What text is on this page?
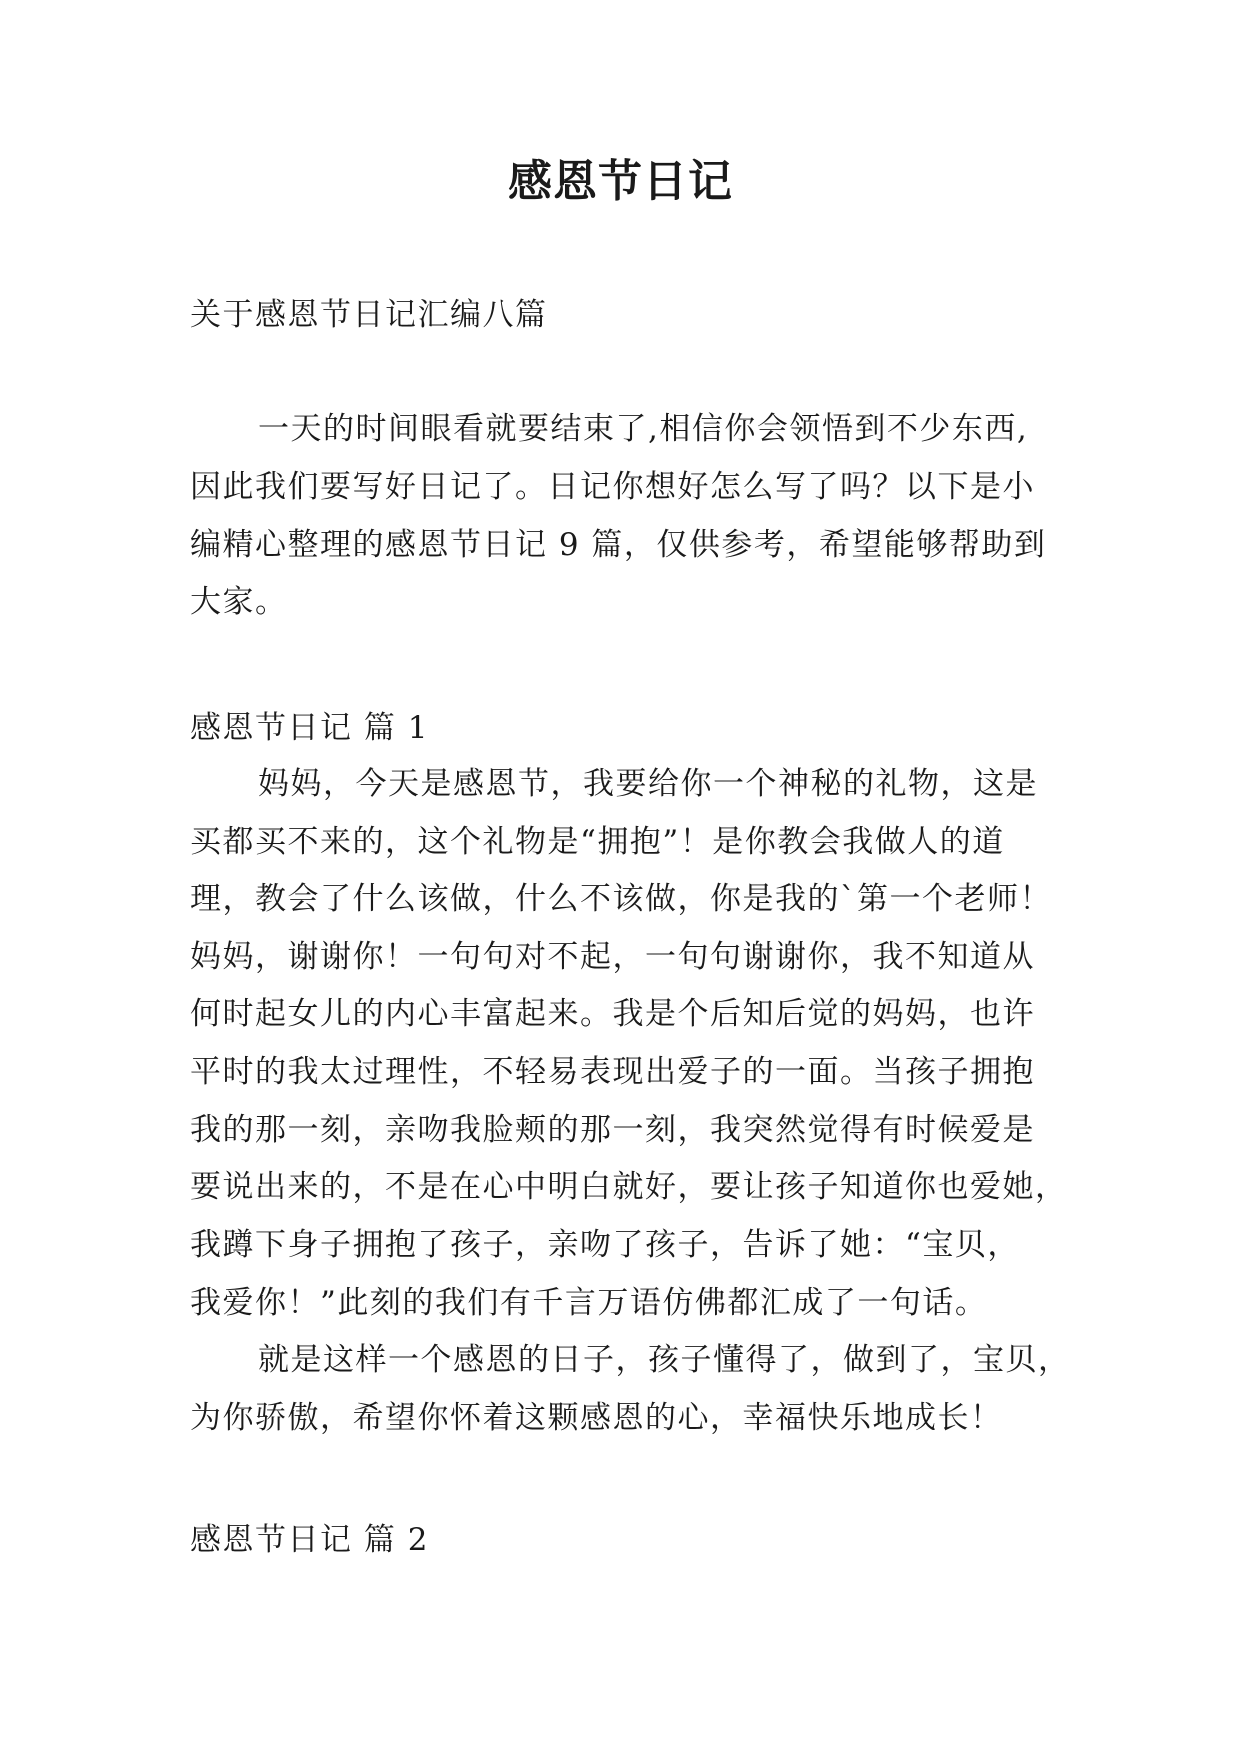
感恩节日记
关于感恩节日记汇编八篇
一天的时间眼看就要结束了,相信你会领悟到不少东西,
因此我们要写好日记了。日记你想好怎么写了吗？以下是小
编精心整理的感恩节日记 9 篇，仅供参考，希望能够帮助到
大家。
感恩节日记 篇 1
妈妈，今天是感恩节，我要给你一个神秘的礼物，这是
买都买不来的，这个礼物是“拥抱”！是你教会我做人的道
理，教会了什么该做，什么不该做，你是我的`第一个老师！
妈妈，谢谢你！一句句对不起，一句句谢谢你，我不知道从
何时起女儿的内心丰富起来。我是个后知后觉的妈妈，也许
平时的我太过理性，不轻易表现出爱子的一面。当孩子拥抱
我的那一刻，亲吻我脸颊的那一刻，我突然觉得有时候爱是
要说出来的，不是在心中明白就好，要让孩子知道你也爱她，
我蹲下身子拥抱了孩子，亲吻了孩子，告诉了她：“宝贝，
我爱你！”此刻的我们有千言万语仿佛都汇成了一句话。
就是这样一个感恩的日子，孩子懂得了，做到了，宝贝，
为你骄傲，希望你怀着这颗感恩的心，幸福快乐地成长！
感恩节日记 篇 2
